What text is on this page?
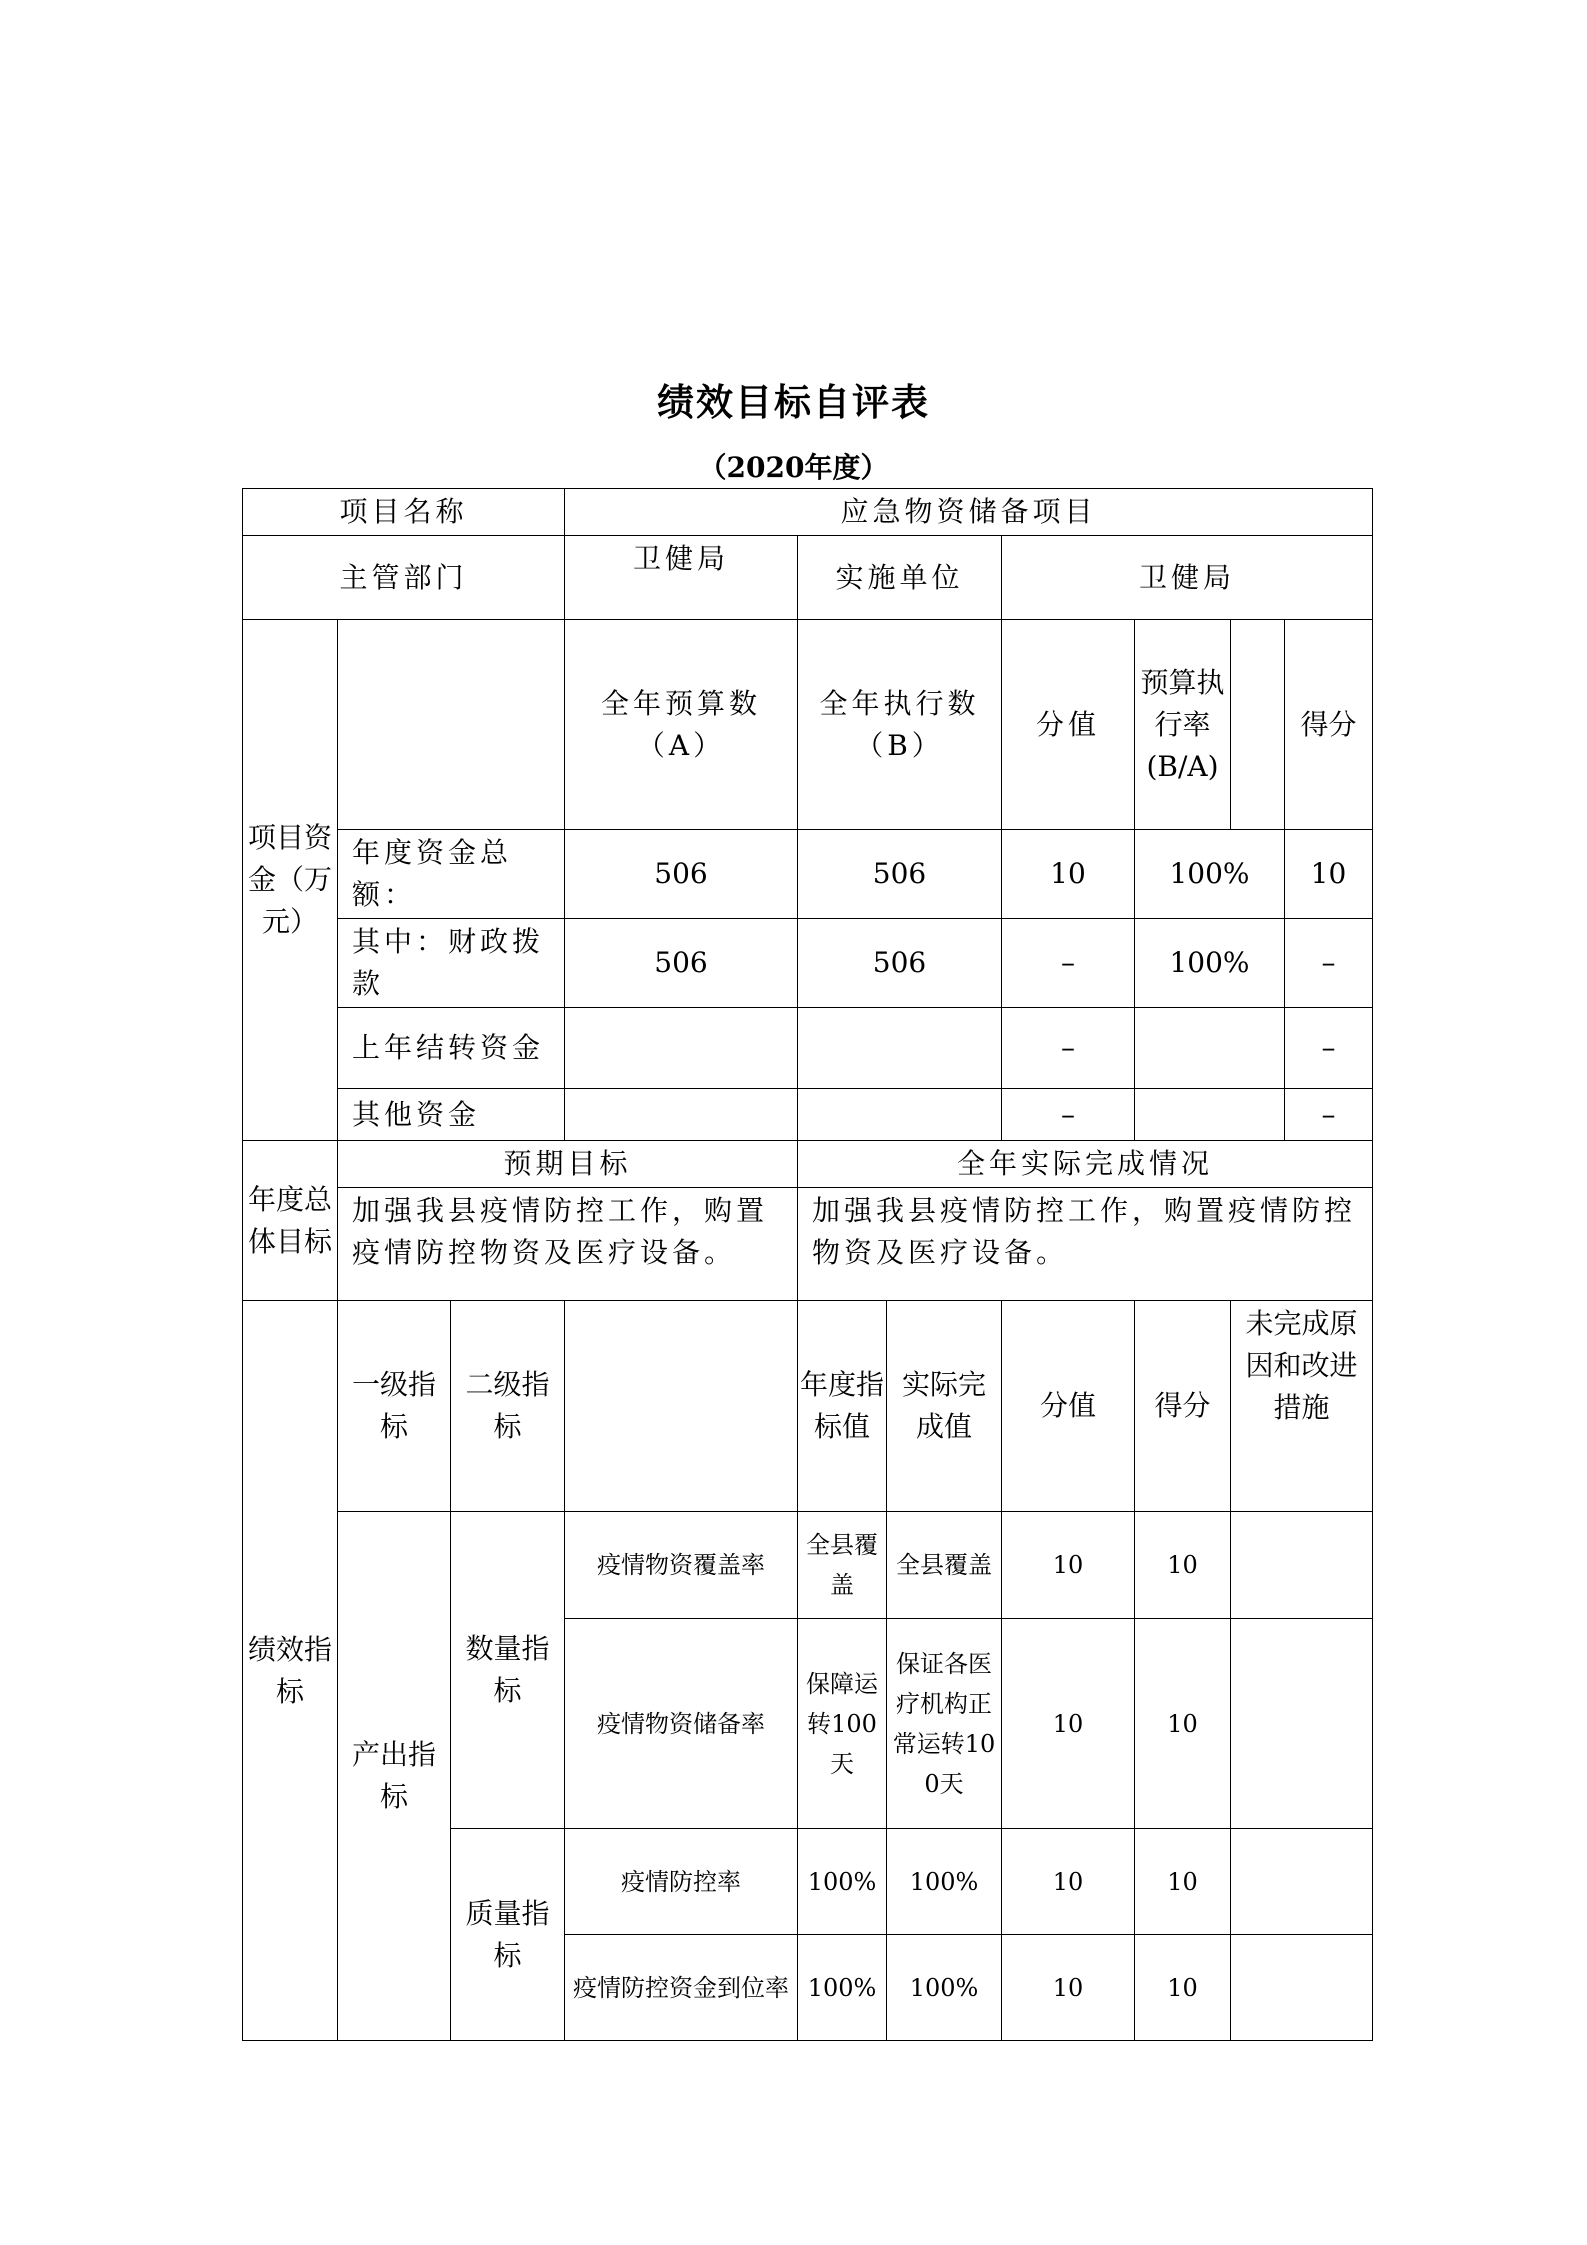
绩效目标自评表
（2020年度）
项目名称			应急物资储备项目						
主管部门			卫健局	实施单位		卫健局			
项目资金（万元）			全年预算数（A）	全年执行数（B）		分值	预算执行率(B/A)		得分
	年度资金总额：		506	506		10	100%		10
	其中：财政拨款		506	506		–	100%		–
	上年结转资金					–			–
	其他资金					–			–
年度总体目标	预期目标			全年实际完成情况					
	加强我县疫情防控工作，购置疫情防控物资及医疗设备。			加强我县疫情防控工作，购置疫情防控物资及医疗设备。					
绩效指标	一级指标	二级指标		年度指标值	实际完成值	分值	得分	未完成原因和改进措施	
	产出指标	数量指标	疫情物资覆盖率	全县覆盖	全县覆盖	10	10		
			疫情物资储备率	保障运转100天	保证各医疗机构正常运转100天	10	10		
		质量指标	疫情防控率	100%	100%	10	10		
			疫情防控资金到位率	100%	100%	10	10		
